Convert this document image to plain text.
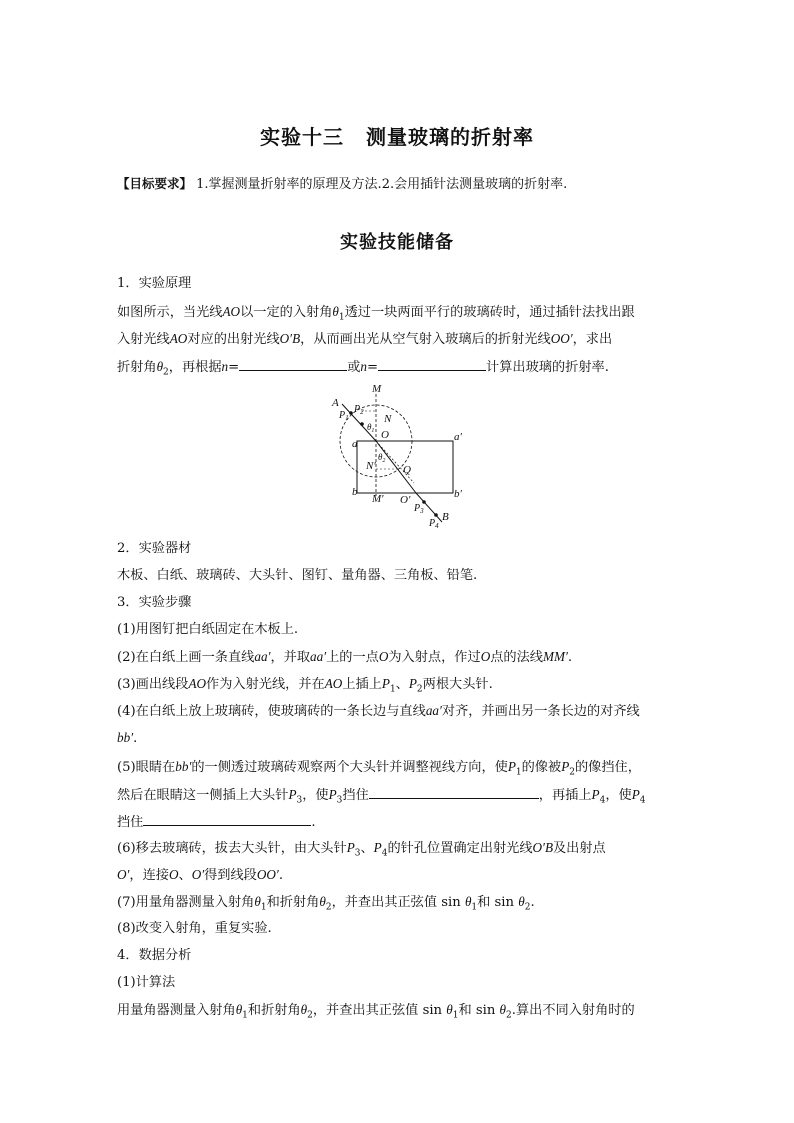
实验十三 测量玻璃的折射率
【目标要求】 1.掌握测量折射率的原理及方法.2.会用插针法测量玻璃的折射率.
实验技能储备
1．实验原理
如图所示，当光线AO以一定的入射角$\theta_1$透过一块两面平行的玻璃砖时，通过插针法找出跟
入射光线AO对应的出射光线O′B，从而画出光从空气射入玻璃后的折射光线OO′，求出
折射角$\theta_2$，再根据n=	或n=	计算出玻璃的折射率.
M
A
$P_1$
$P_2$
N
$\theta_1$ O
a
a′
$\theta_2$
N′ Q
b
M′ O′	b′
$P_3$
$P_4$
B
2．实验器材
木板、白纸、玻璃砖、大头针、图钉、量角器、三角板、铅笔.
3．实验步骤
(1)用图钉把白纸固定在木板上.
(2)在白纸上画一条直线aa′，并取aa′上的一点O为入射点，作过O点的法线MM′.
(3)画出线段AO作为入射光线，并在AO上插上$P_1$、$P_2$两根大头针.
(4)在白纸上放上玻璃砖，使玻璃砖的一条长边与直线aa′对齐，并画出另一条长边的对齐线
bb′.
(5)眼睛在bb′的一侧透过玻璃砖观察两个大头针并调整视线方向，使$P_1$的像被$P_2$的像挡住，
然后在眼睛这一侧插上大头针$P_3$，使$P_3$挡住	，再插上$P_4$，使$P_4$
挡住	.
(6)移去玻璃砖，拔去大头针，由大头针$P_3$、$P_4$的针孔位置确定出射光线O′B及出射点
O′，连接O、O′得到线段OO′.
(7)用量角器测量入射角$\theta_1$和折射角$\theta_2$，并查出其正弦值 $\sin \theta_1$和 $\sin \theta_2$.
(8)改变入射角，重复实验.
4．数据分析
(1)计算法
用量角器测量入射角$\theta_1$和折射角$\theta_2$，并查出其正弦值 $\sin \theta_1$和 $\sin \theta_2$.算出不同入射角时的
